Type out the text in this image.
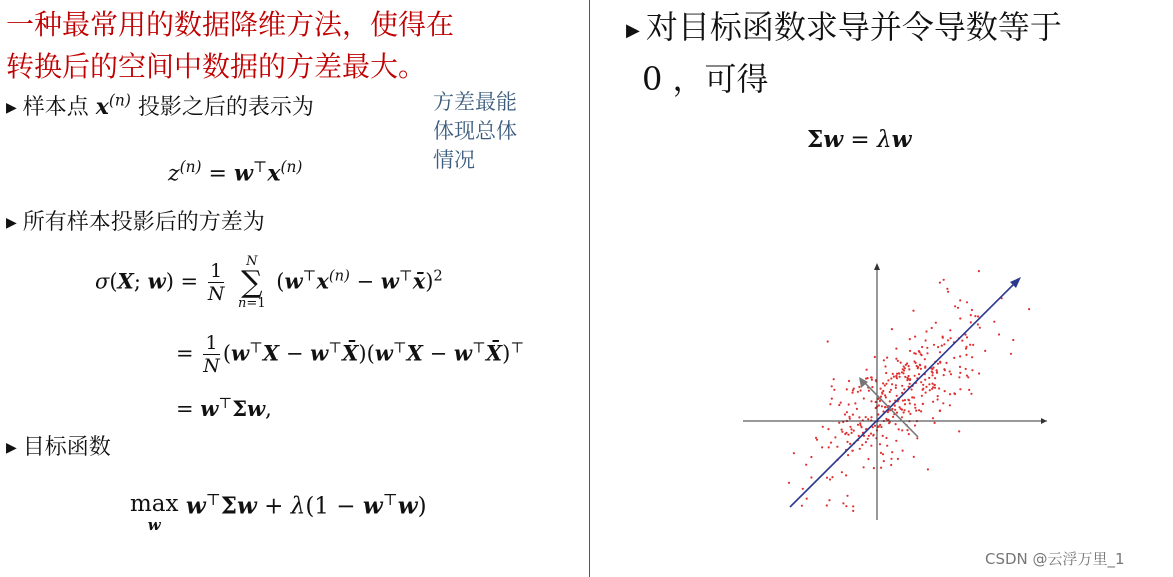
一种最常用的数据降维方法，使得在
转换后的空间中数据的方差最大。
▶ 样本点 $x^{(n)}$ 投影之后的表示为	方差最能
体现总体
情况
$z^{(n)} = w^⊤x^{(n)}$
▶ 所有样本投影后的方差为
σ(X; $w) = \frac{1}{N}$
N
∑
n=1
($w^⊤x^{(n)}$ − w⊤x̄)$^2$
= $\frac{1}{N} (w^⊤X$ − w⊤X̄)(w⊤X − w⊤X̄)⊤
= w⊤Σw,
▶ 目标函数
max
w
w⊤Σw + λ(1 − w⊤w)
▶ 对目标函数求导并令导数等于
0 ，可得
Σw = λw
CSDN @云浮万里_1
